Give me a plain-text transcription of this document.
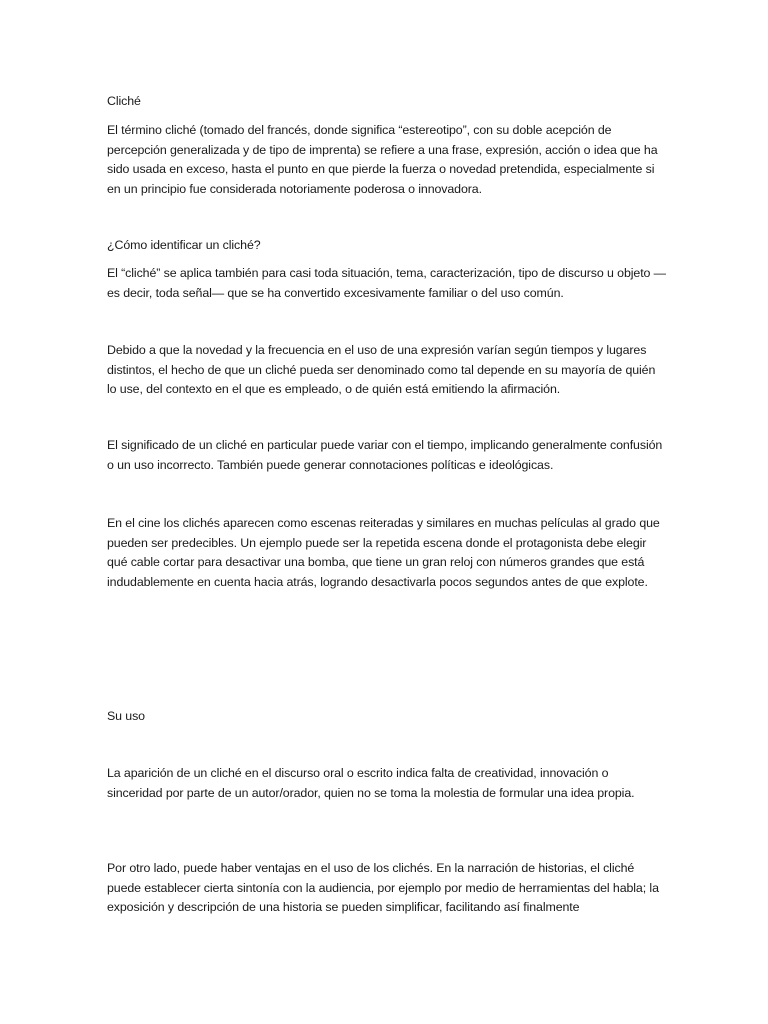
Cliché

El término cliché (tomado del francés, donde significa “estereotipo”, con su doble acepción de percepción generalizada y de tipo de imprenta) se refiere a una frase, expresión, acción o idea que ha sido usada en exceso, hasta el punto en que pierde la fuerza o novedad pretendida, especialmente si en un principio fue considerada notoriamente poderosa o innovadora.

¿Cómo identificar un cliché?

El “cliché” se aplica también para casi toda situación, tema, caracterización, tipo de discurso u objeto —es decir, toda señal— que se ha convertido excesivamente familiar o del uso común.

Debido a que la novedad y la frecuencia en el uso de una expresión varían según tiempos y lugares distintos, el hecho de que un cliché pueda ser denominado como tal depende en su mayoría de quién lo use, del contexto en el que es empleado, o de quién está emitiendo la afirmación.

El significado de un cliché en particular puede variar con el tiempo, implicando generalmente confusión o un uso incorrecto. También puede generar connotaciones políticas e ideológicas.

En el cine los clichés aparecen como escenas reiteradas y similares en muchas películas al grado que pueden ser predecibles. Un ejemplo puede ser la repetida escena donde el protagonista debe elegir qué cable cortar para desactivar una bomba, que tiene un gran reloj con números grandes que está indudablemente en cuenta hacia atrás, logrando desactivarla pocos segundos antes de que explote.

Su uso

La aparición de un cliché en el discurso oral o escrito indica falta de creatividad, innovación o sinceridad por parte de un autor/orador, quien no se toma la molestia de formular una idea propia.

Por otro lado, puede haber ventajas en el uso de los clichés. En la narración de historias, el cliché puede establecer cierta sintonía con la audiencia, por ejemplo por medio de herramientas del habla; la exposición y descripción de una historia se pueden simplificar, facilitando así finalmente
